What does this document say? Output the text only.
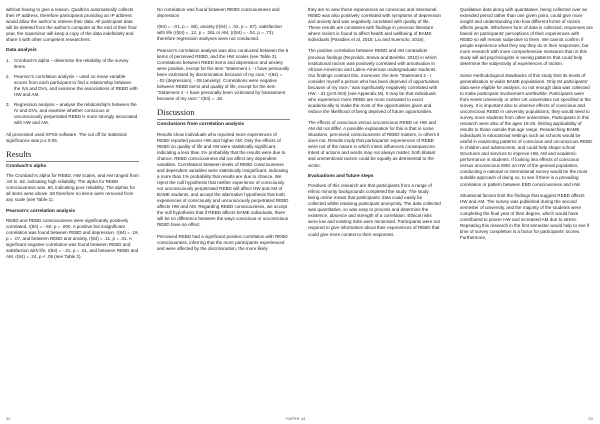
without having to give a reason. Qualtrics automatically collects their IP address, therefore participants providing an IP address would allow the author to retrieve their data. All participant data will be deleted from the author's computer at the end of their final year, the supervisor will keep a copy of the data indefinitely and share it with other competent researchers.

Data analysis
1. Cronbach's alpha – determine the reliability of the survey items.
2. Pearson's correlation analysis – used on mean variable scores from each participant to find a relationship between the IVs and DVs, and examine the associations of REBD with HW and AM.
3. Regression analysis – analyse the relationship's between the IV and DVs, and examine whether conscious or unconsciously perpetrated REBD is more strongly associated with HW and AM.

All processed used SPSS software. The cut off for statistical significance was p ≤ 0.05.

Results
Cronbach's alpha

The Cronbach's alpha for REBD, HW scales, and AM ranged from .83 to .92, indicating high reliability. The alpha for REBD consciousness was .60, indicating poor reliability. The alphas for all items were above .50 therefore no items were removed from any scale (see Table 1).

Pearson's correlation analysis

REBD and REBD consciousness were significantly positively correlated, r(84) = -.50, p = .000. A positive but insignificant correlation was found between REBD and depression, r(84) = .19, p = .07, and between REBD and anxiety, r(84) = .11, p = .31. A significant negative correlation was found between REBD and satisfaction with life, r(84) = -.31, p = .01, and between REBD and AM, r(84) = .24, p < .05 (see Table 2).

No correlation was found between REBD consciousness and depression

r(84) = -.01, p = .90), anxiety (r(84) = .02, p = .87), satisfaction with life (r(84) = .12, p = .28L or AM, (r(84) = -.04, p = .73), therefore regression analyses were not conducted.

Pearson's correlation analysis was also conducted between the 6 items of perceived REBD, and the HW scales (see Table 3). Correlations between REBD items and depression and anxiety were positive, except for the item "Statement 1 - I have personally been victimised by discrimination because of my race," r(84) = -.02 (depression), -.08 (anxiety). Correlations were negative between REBD items and quality of life, except for the item "Statement 4 - I have personally been victimised by harassment because of my race," r(84) = .18.

Discussion
Conclusions from correlation analysis

Results show individuals who reported more experiences of REBD reported poorer HW and higher AM. Only the effects of REBD on quality of life and AM were statistically significant, indicating a less than 1% probability that the results were due to chance. REBD consciousness did not affect any dependent variables. Correlations between levels of REBD consciousness and dependent variables were statistically insignificant, indicating a more than 1% probability that results are due to chance. We reject the null hypothesis that neither experience of consciously nor unconsciously perpetrated REBD will affect HW and AM of BAME students, and accept the alternative hypothesis that both experiences of consciously and unconsciously perpetrated REBD affects HW and AM. Regarding REBD consciousness, we accept the null hypothesis that if REBD affects BAME individuals, there will be no difference between the ways conscious or unconscious REBD have an effect.

Perceived REBD had a significant positive correlation with REBD consciousness, inferring that the more participants experienced and were affected by the discrimination, the more likely

they are to view those experiences as conscious and intentional. REBD was also positively correlated with symptoms of depression and anxiety and was negatively correlated with quality of life. These results are consistent with findings in previous literature where racism is found to affect health and wellbeing of BAME individuals (Paradies et al, 2015; Liu and Suemoto, 2016).

The positive correlation between REBD and AM contradicts previous findings (Reynolds, Sneva and Beehler, 2010) in which institutional racism was positively correlated with amotivation in African-American and Latino-American undergraduate students. Our findings contrast this, moreover, the item "Statement 2 - I consider myself a person who has been deprived of opportunities because of my race," was significantly negatively correlated with HW, -.31 (p<0.004) (see Appendix M). It may be that individuals who experience more REBD are more motivated to excel academically to make the most of the opportunities given and reduce the likelihood of being deprived of future opportunities.

The effects of conscious versus unconscious REBD on HW and AM did not differ. A possible explanation for this is that in some situations, perceived consciousness of REBD matters, in others it does not. Results imply that participants' experiences of REBD were not of the nature in which intent influences consequences. Intent of actions and words may not always matter; both blatant and unintentional racism could be equally as detrimental to the victim.

Evaluations and future steps

Positives of this research are that participants from a range of ethnic minority backgrounds completed the study. The study being online meant that participants' data could easily be collected whilst retaining participant anonymity. The data collected was quantitative, so was easy to process and determine the existence, absence and strength of a correlation. Ethical risks were low and existing risks were minimised. Participants were not required to give information about their experiences of REBD that could give more context to their responses.

Qualitative data along with quantitative, being collected over an extended period rather than one given point, could give more insight and understanding into how different forms of racism affects people. Whichever form of data is collected, responses are based on participants' perceptions of their experiences with REBD so will remain subjective to them. We cannot confirm if people experience what they say they do in their responses, but more research with more comprehensive measures than in this study will aid psychologists in seeing patterns that could help determine the subjectivity of experiences of racism.

Some methodological drawbacks of this study limit its levels of generalisation to wider BAME populations. Only 84 participants' data were eligible for analysis, so not enough data was collected to make participant involvement worthwhile. Participants were from Keele University or other UK universities not specified in the survey. It is important also to observe effects of conscious and unconscious REBD in university populations, they would need to survey more students from other universities. Participants in this research were also of the ages 18-29, limiting applicability of results to those outside that age range. Researching BAME individuals in educational settings such as schools would be useful in examining patterns of conscious and unconscious REBD in children and adolescents, and could help shape school structures and services to improve HW, AM and academic performance in students. If looking into effects of conscious versus unconscious EBD on HW of the general population, conducting a national or international survey would be the most suitable approach of doing so, to see if there is a prevailing correlation or pattern between EBD consciousness and HW.

Situational factors limit the findings that suggest REBD affects HW and AM. The survey was published during the second semester of university, and the majority of the students were completing the final year of their degree, which would have contributed to poorer HW and increased AM due to stress. Repeating this research in the first semester would help to see if time of survey completion is a factor for participants' scores. Furthermore,

32	PAPER 44	33
